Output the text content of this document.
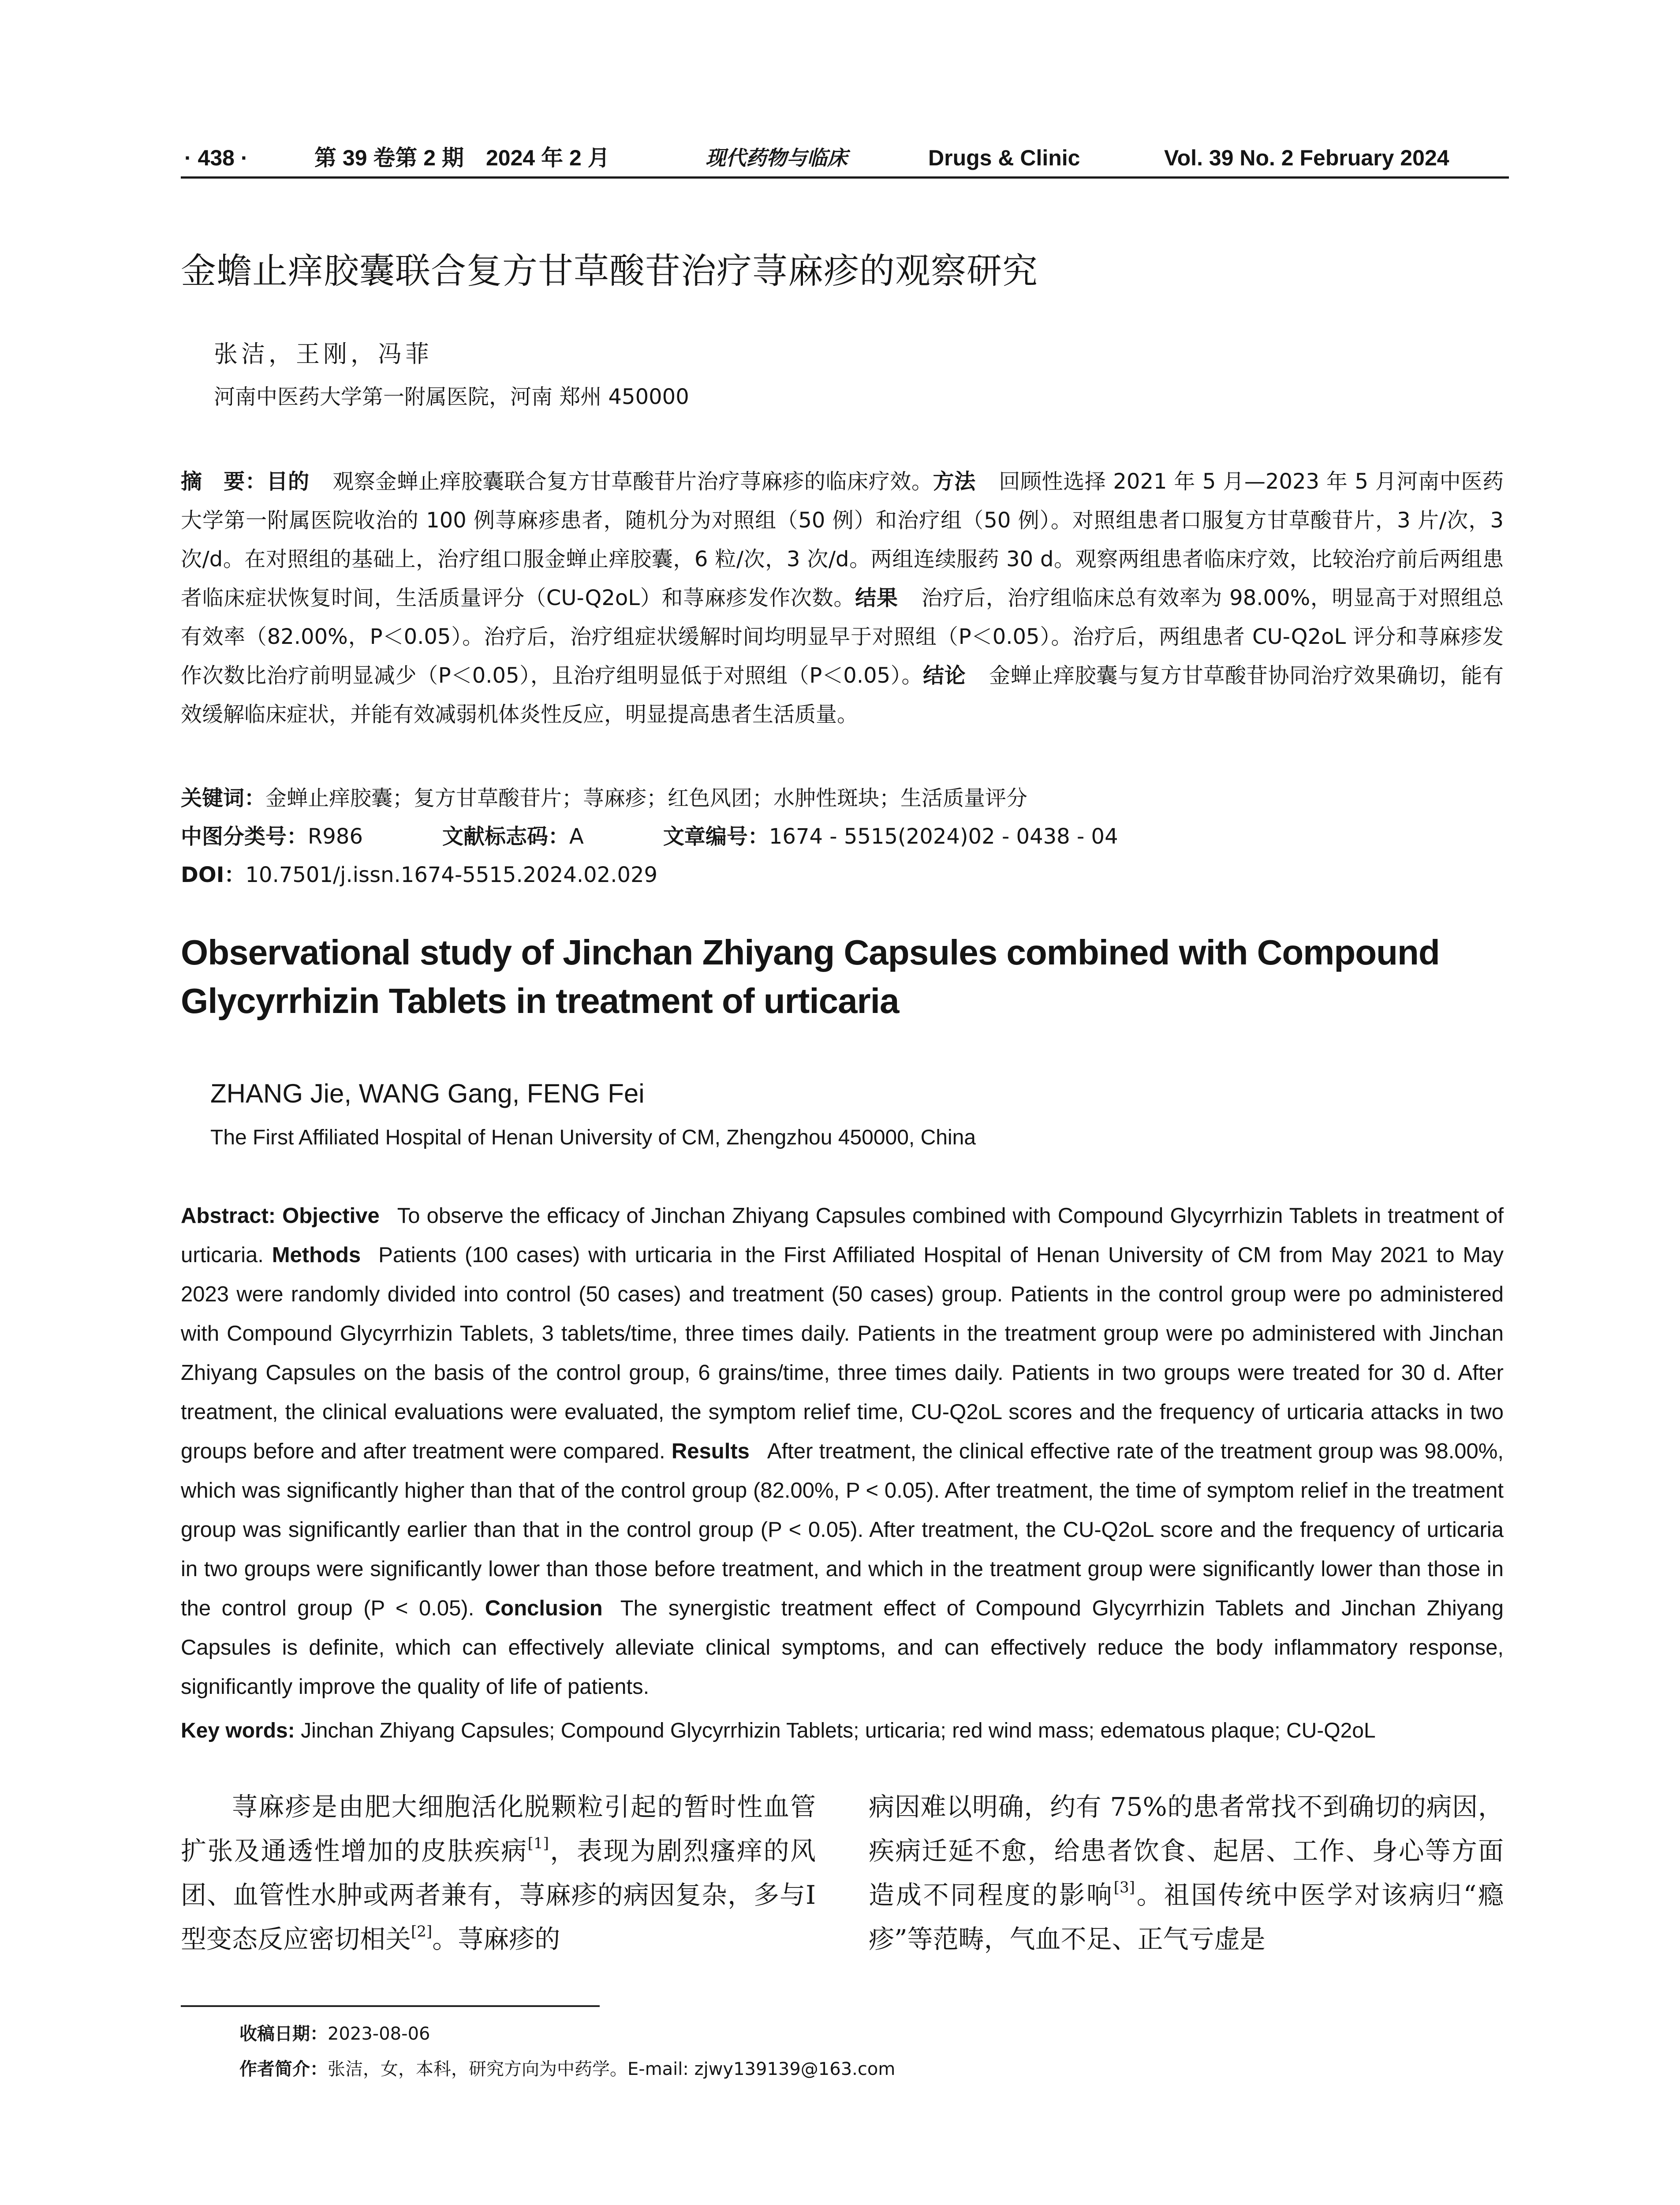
· 438 ·	第 39 卷第 2 期　2024 年 2 月	现代药物与临床	Drugs & Clinic	Vol. 39 No. 2 February 2024
金蟾止痒胶囊联合复方甘草酸苷治疗荨麻疹的观察研究
张洁，王刚，冯菲
河南中医药大学第一附属医院，河南 郑州 450000
摘　要：目的 观察金蝉止痒胶囊联合复方甘草酸苷片治疗荨麻疹的临床疗效。方法 回顾性选择 2021 年 5 月—2023 年 5 月河南中医药大学第一附属医院收治的 100 例荨麻疹患者，随机分为对照组（50 例）和治疗组（50 例）。对照组患者口服复方甘草酸苷片，3 片/次，3 次/d。在对照组的基础上，治疗组口服金蝉止痒胶囊，6 粒/次，3 次/d。两组连续服药 30 d。观察两组患者临床疗效，比较治疗前后两组患者临床症状恢复时间，生活质量评分（CU-Q2oL）和荨麻疹发作次数。结果 治疗后，治疗组临床总有效率为 98.00%，明显高于对照组总有效率（82.00%，P＜0.05）。治疗后，治疗组症状缓解时间均明显早于对照组（P＜0.05）。治疗后，两组患者 CU-Q2oL 评分和荨麻疹发作次数比治疗前明显减少（P＜0.05），且治疗组明显低于对照组（P＜0.05）。结论 金蝉止痒胶囊与复方甘草酸苷协同治疗效果确切，能有效缓解临床症状，并能有效减弱机体炎性反应，明显提高患者生活质量。
关键词：金蝉止痒胶囊；复方甘草酸苷片；荨麻疹；红色风团；水肿性斑块；生活质量评分
中图分类号：R986	文献标志码：A	文章编号：1674 - 5515(2024)02 - 0438 - 04
DOI：10.7501/j.issn.1674-5515.2024.02.029
Observational study of Jinchan Zhiyang Capsules combined with Compound Glycyrrhizin Tablets in treatment of urticaria
ZHANG Jie, WANG Gang, FENG Fei
The First Affiliated Hospital of Henan University of CM, Zhengzhou 450000, China
Abstract: Objective To observe the efficacy of Jinchan Zhiyang Capsules combined with Compound Glycyrrhizin Tablets in treatment of urticaria. Methods Patients (100 cases) with urticaria in the First Affiliated Hospital of Henan University of CM from May 2021 to May 2023 were randomly divided into control (50 cases) and treatment (50 cases) group. Patients in the control group were po administered with Compound Glycyrrhizin Tablets, 3 tablets/time, three times daily. Patients in the treatment group were po administered with Jinchan Zhiyang Capsules on the basis of the control group, 6 grains/time, three times daily. Patients in two groups were treated for 30 d. After treatment, the clinical evaluations were evaluated, the symptom relief time, CU-Q2oL scores and the frequency of urticaria attacks in two groups before and after treatment were compared. Results After treatment, the clinical effective rate of the treatment group was 98.00%, which was significantly higher than that of the control group (82.00%, P < 0.05). After treatment, the time of symptom relief in the treatment group was significantly earlier than that in the control group (P < 0.05). After treatment, the CU-Q2oL score and the frequency of urticaria in two groups were significantly lower than those before treatment, and which in the treatment group were significantly lower than those in the control group (P < 0.05). Conclusion The synergistic treatment effect of Compound Glycyrrhizin Tablets and Jinchan Zhiyang Capsules is definite, which can effectively alleviate clinical symptoms, and can effectively reduce the body inflammatory response, significantly improve the quality of life of patients.
Key words: Jinchan Zhiyang Capsules; Compound Glycyrrhizin Tablets; urticaria; red wind mass; edematous plaque; CU-Q2oL
荨麻疹是由肥大细胞活化脱颗粒引起的暂时性血管扩张及通透性增加的皮肤疾病[1]，表现为剧烈瘙痒的风团、血管性水肿或两者兼有，荨麻疹的病因复杂，多与Ⅰ型变态反应密切相关[2]。荨麻疹的
病因难以明确，约有 75%的患者常找不到确切的病因，疾病迁延不愈，给患者饮食、起居、工作、身心等方面造成不同程度的影响[3]。祖国传统中医学对该病归“瘾疹”等范畴，气血不足、正气亏虚是
收稿日期：2023-08-06
作者简介：张洁，女，本科，研究方向为中药学。E-mail: zjwy139139@163.com
